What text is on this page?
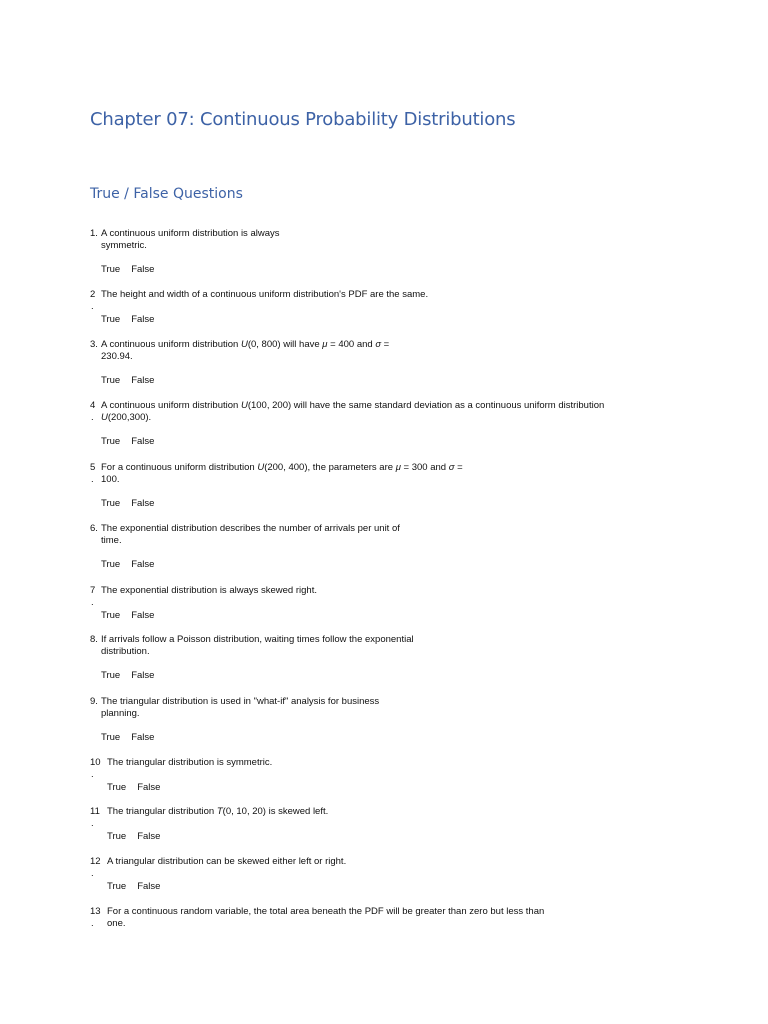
Chapter 07: Continuous Probability Distributions
True / False Questions
1. A continuous uniform distribution is always
symmetric.
True False
2 The height and width of a continuous uniform distribution's PDF are the same.
.
True False
3. A continuous uniform distribution U(0, 800) will have μ = 400 and σ =
230.94.
True False
4 A continuous uniform distribution U(100, 200) will have the same standard deviation as a continuous uniform distribution
U(200,300).
.
True False
5 For a continuous uniform distribution U(200, 400), the parameters are μ = 300 and σ =
100.
.
True False
6. The exponential distribution describes the number of arrivals per unit of
time.
True False
7 The exponential distribution is always skewed right.
.
True False
8. If arrivals follow a Poisson distribution, waiting times follow the exponential
distribution.
True False
9. The triangular distribution is used in "what-if" analysis for business
planning.
True False
10 The triangular distribution is symmetric.
.
True False
11 The triangular distribution T(0, 10, 20) is skewed left.
.
True False
12 A triangular distribution can be skewed either left or right.
.
True False
13 For a continuous random variable, the total area beneath the PDF will be greater than zero but less than
one.
.
